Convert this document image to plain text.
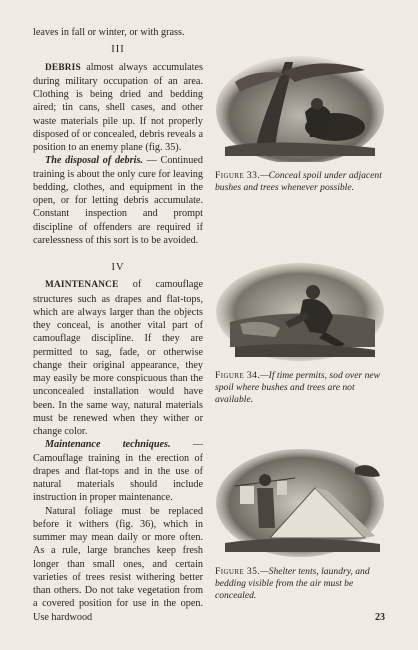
leaves in fall or winter, or with grass.

III

DEBRIS almost always accumulates during military occupation of an area. Clothing is being dried and bedding aired; tin cans, shell cases, and other waste materials pile up. If not properly disposed of or concealed, debris reveals a position to an enemy plane (fig. 35).

The disposal of debris. — Continued training is about the only cure for leaving bedding, clothes, and equipment in the open, or for letting debris accumulate. Constant inspection and prompt discipline of offenders are required if carelessness of this sort is to be avoided.

IV

MAINTENANCE of camouflage structures such as drapes and flat-tops, which are always larger than the objects they conceal, is another vital part of camouflage discipline. If they are permitted to sag, fade, or otherwise change their original appearance, they may easily be more conspicuous than the unconcealed installation would have been. In the same way, natural materials must be renewed when they wither or change color.

Maintenance techniques. — Camouflage training in the erection of drapes and flat-tops and in the use of natural materials should include instruction in proper maintenance.

Natural foliage must be replaced before it withers (fig. 36), which in summer may mean daily or more often. As a rule, large branches keep fresh longer than small ones, and certain varieties of trees resist withering better than others. Do not take vegetation from a covered position for use in the open. Use hardwood

Figure 33.—Conceal spoil under adjacent bushes and trees whenever possible.
Figure 34.—If time permits, sod over new spoil where bushes and trees are not available.
Figure 35.—Shelter tents, laundry, and bedding visible from the air must be concealed.
23
